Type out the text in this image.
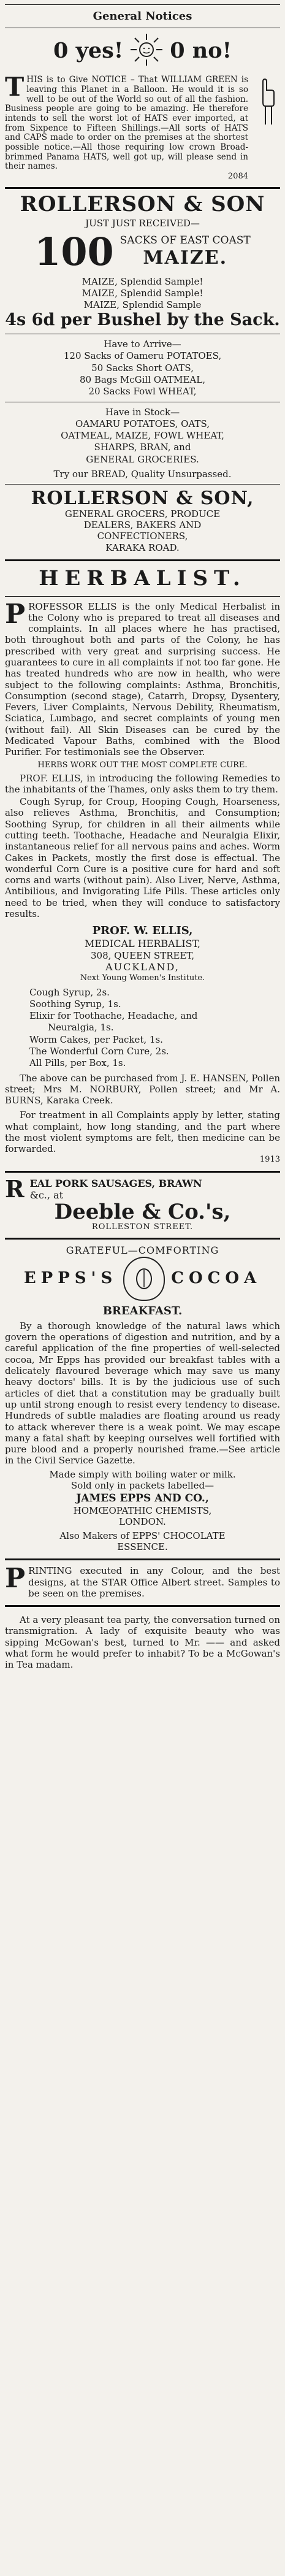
General Notices
0 yes! 0 no!
T HIS is to Give NOTICE – That WILLIAM GREEN is leaving this Planet in a Balloon. He would it is so well to be out of the World so out of all the fashion. Business people are going to be amazing. He therefore intends to sell the worst lot of HATS ever imported, at from Sixpence to Fifteen Shillings.—All sorts of HATS and CAPS made to order on the premises at the shortest possible notice.—All those requiring low crown Broad-brimmed Panama HATS, well got up, will please send in their names.
2084
ROLLERSON & SON
JUST JUST RECEIVED—
100 SACKS OF EAST COAST
MAIZE.

MAIZE, Splendid Sample!

MAIZE, Splendid Sample!

MAIZE, Splendid Sample

4s 6d per Bushel by the Sack.
Have to Arrive—

120 Sacks of Oameru POTATOES,

50 Sacks Short OATS,

80 Bags McGill OATMEAL,

20 Sacks Fowl WHEAT,

Have in Stock—

OAMARU POTATOES, OATS,

OATMEAL, MAIZE, FOWL WHEAT,

SHARPS, BRAN, and

GENERAL GROCERIES.

Try our BREAD, Quality Unsurpassed.
ROLLERSON & SON,
GENERAL GROCERS, PRODUCE
DEALERS, BAKERS AND
CONFECTIONERS,
KARAKA ROAD.
HERBALIST.
P ROFESSOR ELLIS is the only Medical Herbalist in the Colony who is prepared to treat all diseases and complaints. In all places where he has practised, both throughout both and parts of the Colony, he has prescribed with very great and surprising success. He guarantees to cure in all complaints if not too far gone. He has treated hundreds who are now in health, who were subject to the following complaints: Asthma, Bronchitis, Consumption (second stage), Catarrh, Dropsy, Dysentery, Fevers, Liver Complaints, Nervous Debility, Rheumatism, Sciatica, Lumbago, and secret complaints of young men (without fail). All Skin Diseases can be cured by the Medicated Vapour Baths, combined with the Blood Purifier. For testimonials see the Observer.
HERBS WORK OUT THE MOST COMPLETE CURE.
PROF. ELLIS, in introducing the following Remedies to the inhabitants of the Thames, only asks them to try them.
Cough Syrup, for Croup, Hooping Cough, Hoarseness, also relieves Asthma, Bronchitis, and Consumption; Soothing Syrup, for children in all their ailments while cutting teeth. Toothache, Headache and Neuralgia Elixir, instantaneous relief for all nervous pains and aches. Worm Cakes in Packets, mostly the first dose is effectual. The wonderful Corn Cure is a positive cure for hard and soft corns and warts (without pain). Also Liver, Nerve, Asthma, Antibilious, and Invigorating Life Pills. These articles only need to be tried, when they will conduce to satisfactory results.
PROF. W. ELLIS,
MEDICAL HERBALIST,
308, QUEEN STREET,
AUCKLAND,
Next Young Women's Institute.

Cough Syrup, 2s.

Soothing Syrup, 1s.

Elixir for Toothache, Headache, and

Neuralgia, 1s.

Worm Cakes, per Packet, 1s.

The Wonderful Corn Cure, 2s.

All Pills, per Box, 1s.

The above can be purchased from J. E. HANSEN, Pollen street; Mrs M. NORBURY, Pollen street; and Mr A. BURNS, Karaka Creek.
For treatment in all Complaints apply by letter, stating what complaint, how long standing, and the part where the most violent symptoms are felt, then medicine can be forwarded.
1913
R EAL PORK SAUSAGES, BRAWN
&c., at
Deeble & Co.'s,
ROLLESTON STREET.
GRATEFUL—COMFORTING
EPPS'S	COCOA
BREAKFAST.
By a thorough knowledge of the natural laws which govern the operations of digestion and nutrition, and by a careful application of the fine properties of well-selected cocoa, Mr Epps has provided our breakfast tables with a delicately flavoured beverage which may save us many heavy doctors' bills. It is by the judicious use of such articles of diet that a constitution may be gradually built up until strong enough to resist every tendency to disease. Hundreds of subtle maladies are floating around us ready to attack wherever there is a weak point. We may escape many a fatal shaft by keeping ourselves well fortified with pure blood and a properly nourished frame.—See article in the Civil Service Gazette.
Made simply with boiling water or milk.
Sold only in packets labelled—
JAMES EPPS AND CO.,
HOMŒOPATHIC CHEMISTS,
LONDON.
Also Makers of EPPS' CHOCOLATE
ESSENCE.
P RINTING executed in any Colour, and the best designs, at the STAR Office Albert street. Samples to be seen on the premises.
At a very pleasant tea party, the conversation turned on transmigration. A lady of exquisite beauty who was sipping McGowan's best, turned to Mr. —— and asked what form he would prefer to inhabit? To be a McGowan's in Tea madam.
